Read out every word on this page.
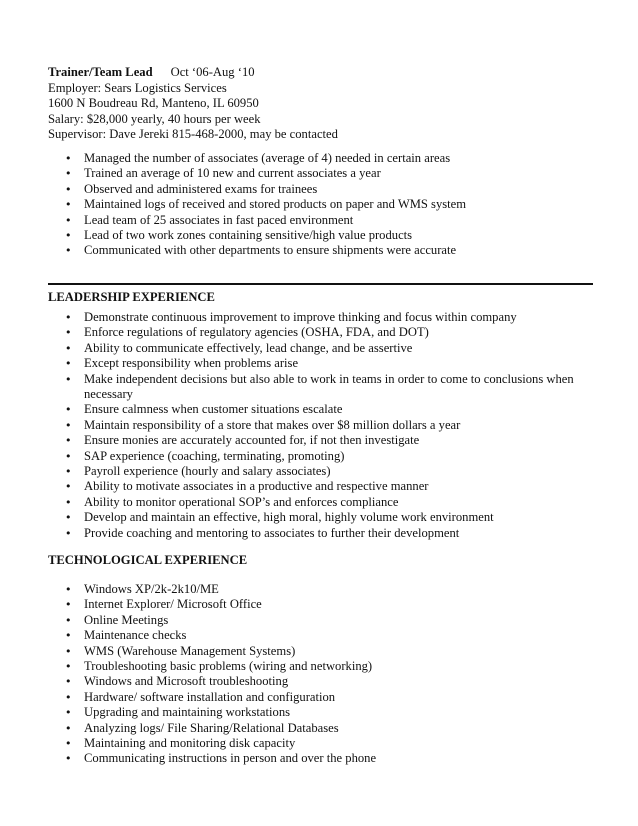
Trainer/Team Lead Oct ‘06-Aug ‘10
Employer: Sears Logistics Services
1600 N Boudreau Rd, Manteno, IL 60950
Salary: $28,000 yearly, 40 hours per week
Supervisor: Dave Jereki 815-468-2000, may be contacted
• Managed the number of associates (average of 4) needed in certain areas
• Trained an average of 10 new and current associates a year
• Observed and administered exams for trainees
• Maintained logs of received and stored products on paper and WMS system
• Lead team of 25 associates in fast paced environment
• Lead of two work zones containing sensitive/high value products
• Communicated with other departments to ensure shipments were accurate
LEADERSHIP EXPERIENCE
• Demonstrate continuous improvement to improve thinking and focus within company
• Enforce regulations of regulatory agencies (OSHA, FDA, and DOT)
• Ability to communicate effectively, lead change, and be assertive
• Except responsibility when problems arise
• Make independent decisions but also able to work in teams in order to come to conclusions when necessary
• Ensure calmness when customer situations escalate
• Maintain responsibility of a store that makes over $8 million dollars a year
• Ensure monies are accurately accounted for, if not then investigate
• SAP experience (coaching, terminating, promoting)
• Payroll experience (hourly and salary associates)
• Ability to motivate associates in a productive and respective manner
• Ability to monitor operational SOP’s and enforces compliance
• Develop and maintain an effective, high moral, highly volume work environment
• Provide coaching and mentoring to associates to further their development
TECHNOLOGICAL EXPERIENCE
• Windows XP/2k-2k10/ME
• Internet Explorer/ Microsoft Office
• Online Meetings
• Maintenance checks
• WMS (Warehouse Management Systems)
• Troubleshooting basic problems (wiring and networking)
• Windows and Microsoft troubleshooting
• Hardware/ software installation and configuration
• Upgrading and maintaining workstations
• Analyzing logs/ File Sharing/Relational Databases
• Maintaining and monitoring disk capacity
• Communicating instructions in person and over the phone
